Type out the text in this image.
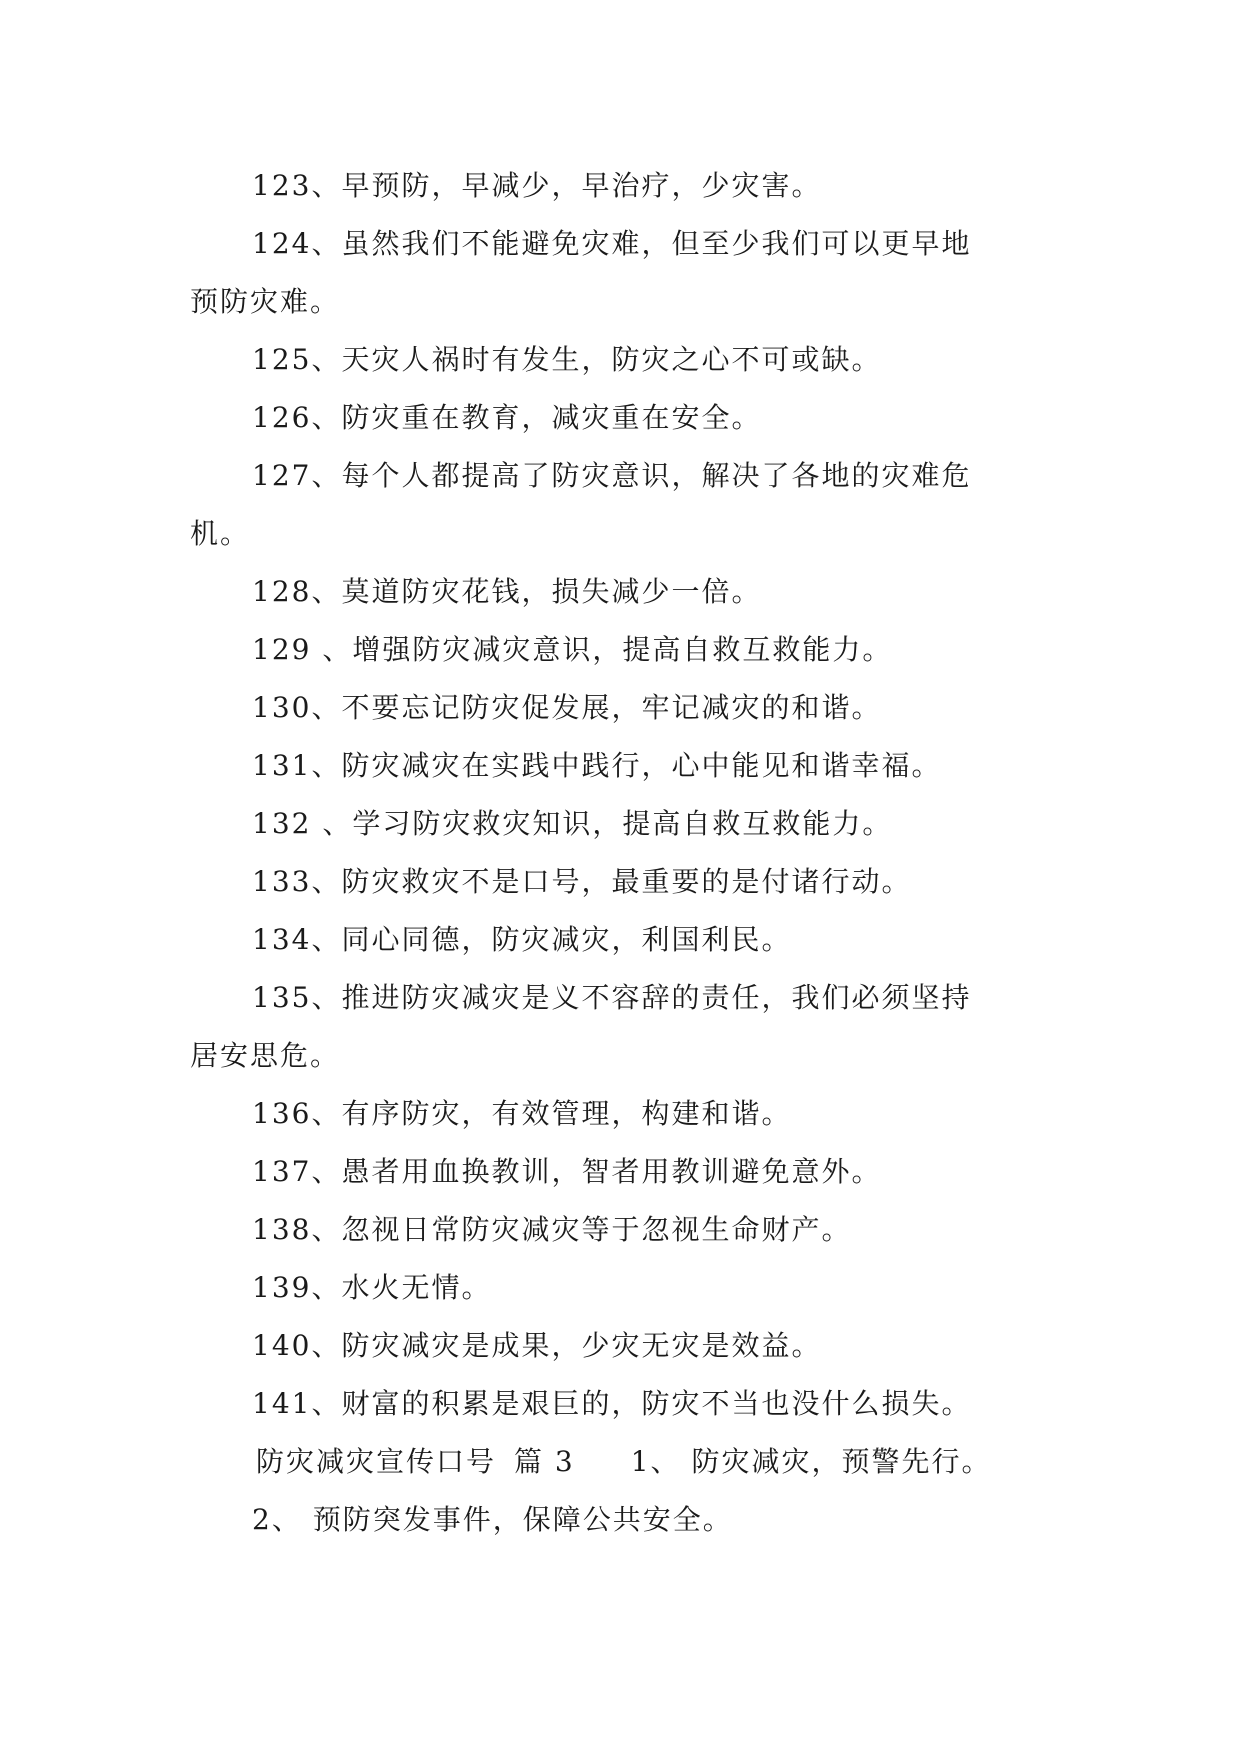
123、早预防，早减少，早治疗，少灾害。
124、虽然我们不能避免灾难，但至少我们可以更早地
预防灾难。
125、天灾人祸时有发生，防灾之心不可或缺。
126、防灾重在教育，减灾重在安全。
127、每个人都提高了防灾意识，解决了各地的灾难危
机。
128、莫道防灾花钱，损失减少一倍。
129 、增强防灾减灾意识，提高自救互救能力。
130、不要忘记防灾促发展，牢记减灾的和谐。
131、防灾减灾在实践中践行，心中能见和谐幸福。
132 、学习防灾救灾知识，提高自救互救能力。
133、防灾救灾不是口号，最重要的是付诸行动。
134、同心同德，防灾减灾，利国利民。
135、推进防灾减灾是义不容辞的责任，我们必须坚持
居安思危。
136、有序防灾，有效管理，构建和谐。
137、愚者用血换教训，智者用教训避免意外。
138、忽视日常防灾减灾等于忽视生命财产。
139、水火无情。
140、防灾减灾是成果，少灾无灾是效益。
141、财富的积累是艰巨的，防灾不当也没什么损失。
防灾减灾宣传口号 篇 3 1、 防灾减灾，预警先行。
2、 预防突发事件，保障公共安全。
